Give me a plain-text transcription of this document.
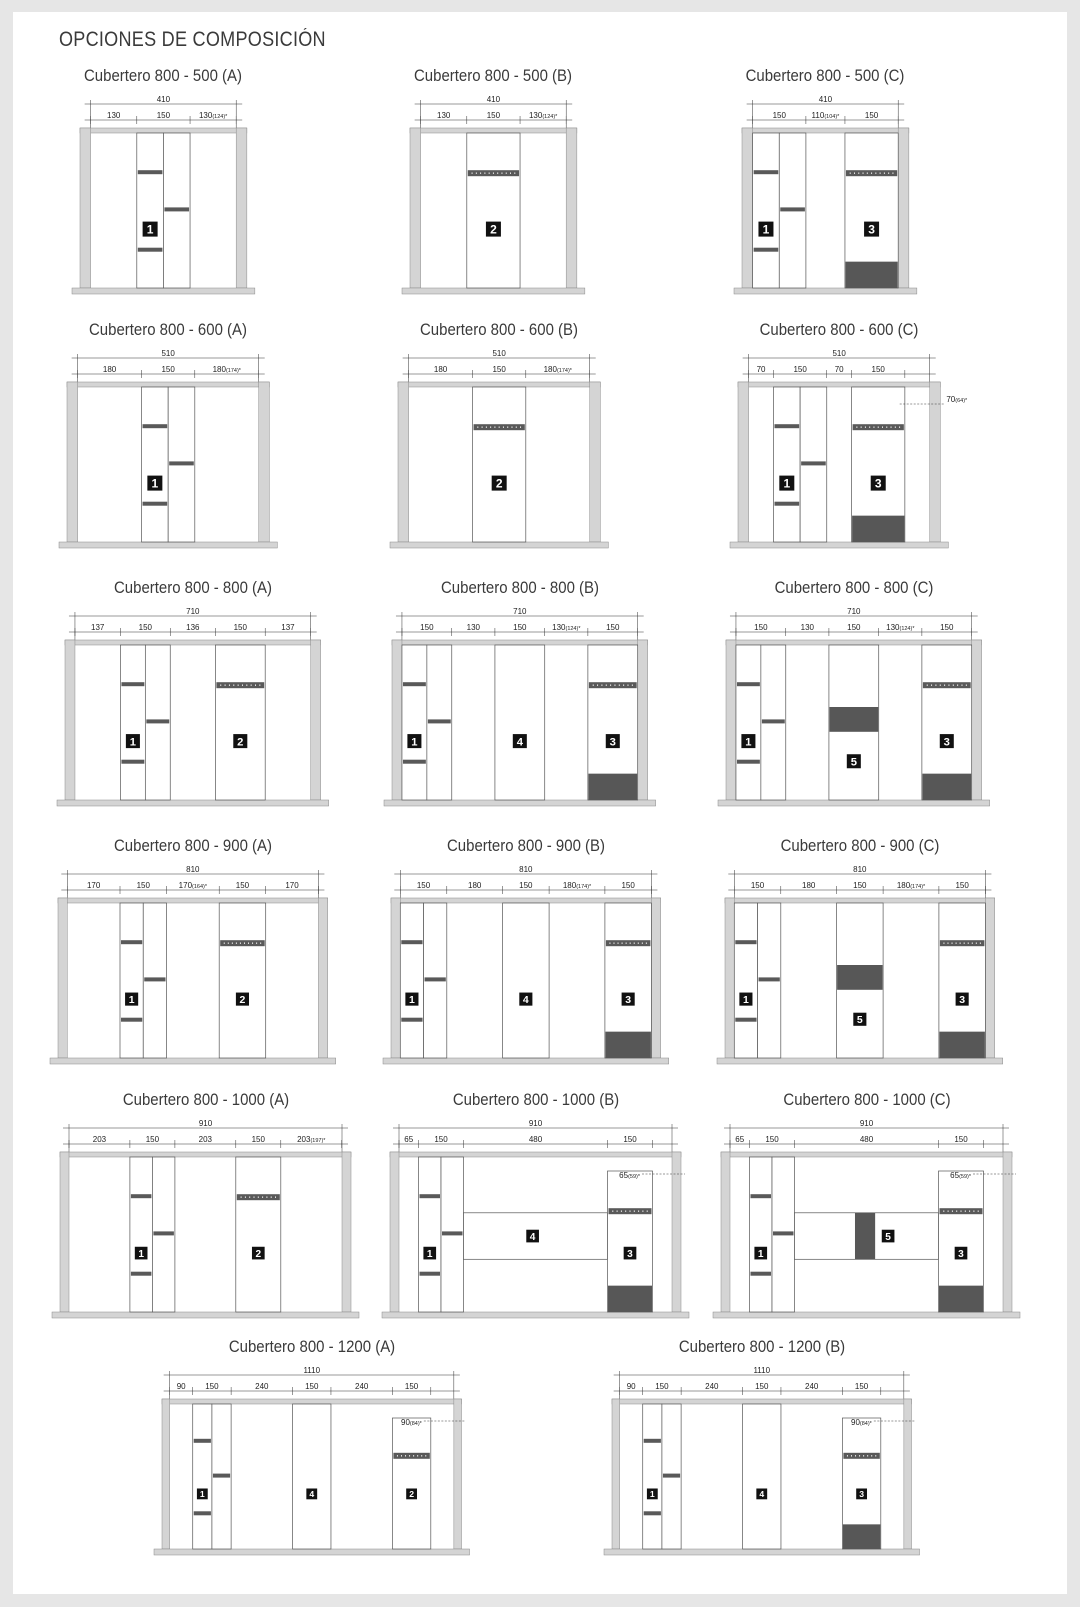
OPCIONES DE COMPOSICIÓN
Cubertero 800 - 500 (A)
410
130	150
1
130(124)*
Cubertero 800 - 500 (B)
410
130	150
2
130(124)*
Cubertero 800 - 500 (C)
410
150
1
110(104)*	150
3
Cubertero 800 - 600 (A)
510
180	150
1
180(174)*
Cubertero 800 - 600 (B)
510
180	150
2
180(174)*
Cubertero 800 - 600 (C)
510
70	150
1
70	150
3
70(64)*
Cubertero 800 - 800 (A)
710
137	150
1
136	150
2
137
Cubertero 800 - 800 (B)
710
150
1
130	150
4
130(124)*	150
3
Cubertero 800 - 800 (C)
710
150
1
130	150
5
130(124)*	150
3
Cubertero 800 - 900 (A)
810
170	150
1
170(164)*	150
2
170
Cubertero 800 - 900 (B)
810
150
1
180	150
4
180(174)*	150
3
Cubertero 800 - 900 (C)
810
150
1
180	150
5
180(174)*	150
3
Cubertero 800 - 1000 (A)
910
203	150
1
203	150
2
203(197)*
Cubertero 800 - 1000 (B)
910
65	150
1
480
4
150
3
65(59)*
Cubertero 800 - 1000 (C)
910
65	150
1
480
5
150
3
65(59)*
Cubertero 800 - 1200 (A)
1110
90 150
1
240	150
4
240	150
2
90(84)*
Cubertero 800 - 1200 (B)
1110
90 150
1
240	150
4
240	150
3
90(84)*
